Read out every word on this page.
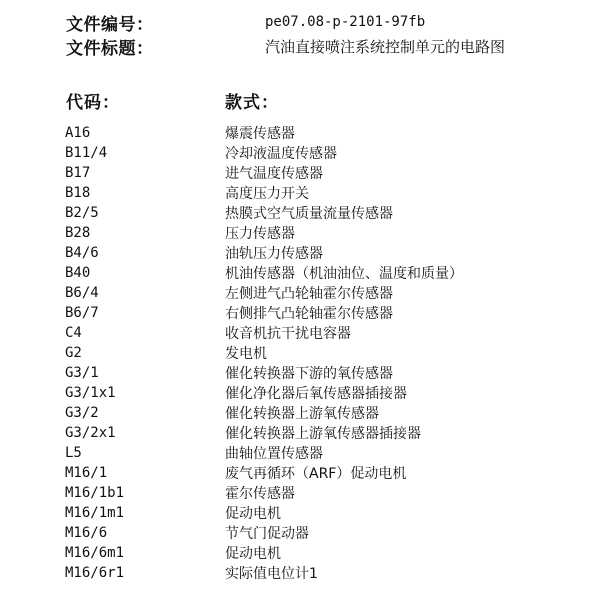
文件编号：	pe07.08-p-2101-97fb
文件标题：	汽油直接喷注系统控制单元的电路图
代码：	款式：
A16	爆震传感器
B11/4	冷却液温度传感器
B17	进气温度传感器
B18	高度压力开关
B2/5	热膜式空气质量流量传感器
B28	压力传感器
B4/6	油轨压力传感器
B40	机油传感器（机油油位、温度和质量）
B6/4	左侧进气凸轮轴霍尔传感器
B6/7	右侧排气凸轮轴霍尔传感器
C4	收音机抗干扰电容器
G2	发电机
G3/1	催化转换器下游的氧传感器
G3/1x1	催化净化器后氧传感器插接器
G3/2	催化转换器上游氧传感器
G3/2x1	催化转换器上游氧传感器插接器
L5	曲轴位置传感器
M16/1	废气再循环（ARF）促动电机
M16/1b1	霍尔传感器
M16/1m1	促动电机
M16/6	节气门促动器
M16/6m1	促动电机
M16/6r1	实际值电位计1
